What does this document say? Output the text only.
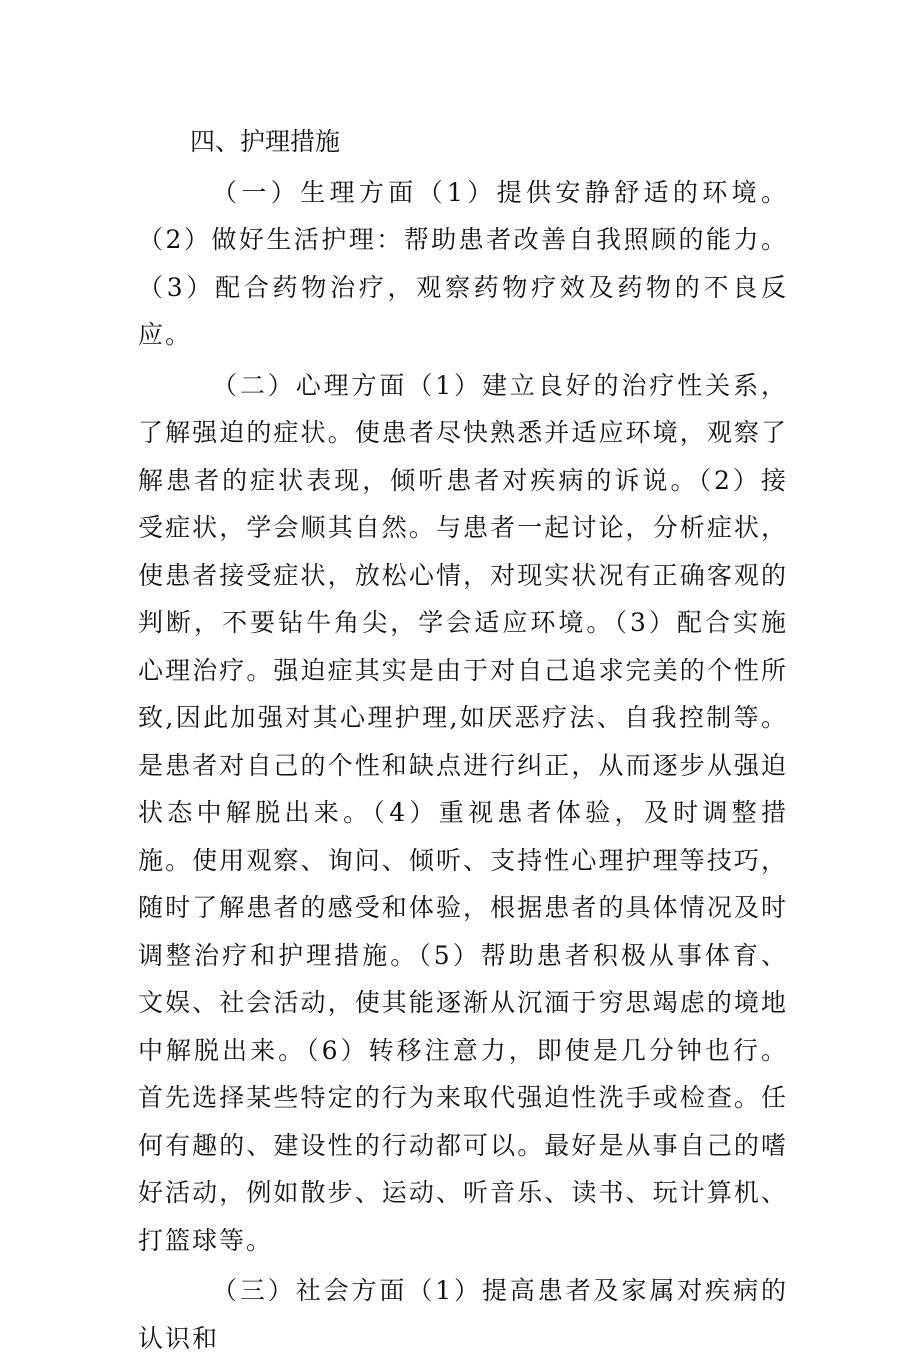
四、护理措施

（一）生理方面（1）提供安静舒适的环境。（2）做好生活护理：帮助患者改善自我照顾的能力。（3）配合药物治疗，观察药物疗效及药物的不良反应。

（二）心理方面（1）建立良好的治疗性关系，了解强迫的症状。使患者尽快熟悉并适应环境，观察了解患者的症状表现，倾听患者对疾病的诉说。（2）接受症状，学会顺其自然。与患者一起讨论，分析症状，使患者接受症状，放松心情，对现实状况有正确客观的判断，不要钻牛角尖，学会适应环境。（3）配合实施心理治疗。强迫症其实是由于对自己追求完美的个性所致,因此加强对其心理护理,如厌恶疗法、自我控制等。是患者对自己的个性和缺点进行纠正，从而逐步从强迫状态中解脱出来。（4）重视患者体验，及时调整措施。使用观察、询问、倾听、支持性心理护理等技巧，随时了解患者的感受和体验，根据患者的具体情况及时调整治疗和护理措施。（5）帮助患者积极从事体育、文娱、社会活动，使其能逐渐从沉湎于穷思竭虑的境地中解脱出来。（6）转移注意力，即使是几分钟也行。首先选择某些特定的行为来取代强迫性洗手或检查。任何有趣的、建设性的行动都可以。最好是从事自己的嗜好活动，例如散步、运动、听音乐、读书、玩计算机、打篮球等。

（三）社会方面（1）提高患者及家属对疾病的认识和
